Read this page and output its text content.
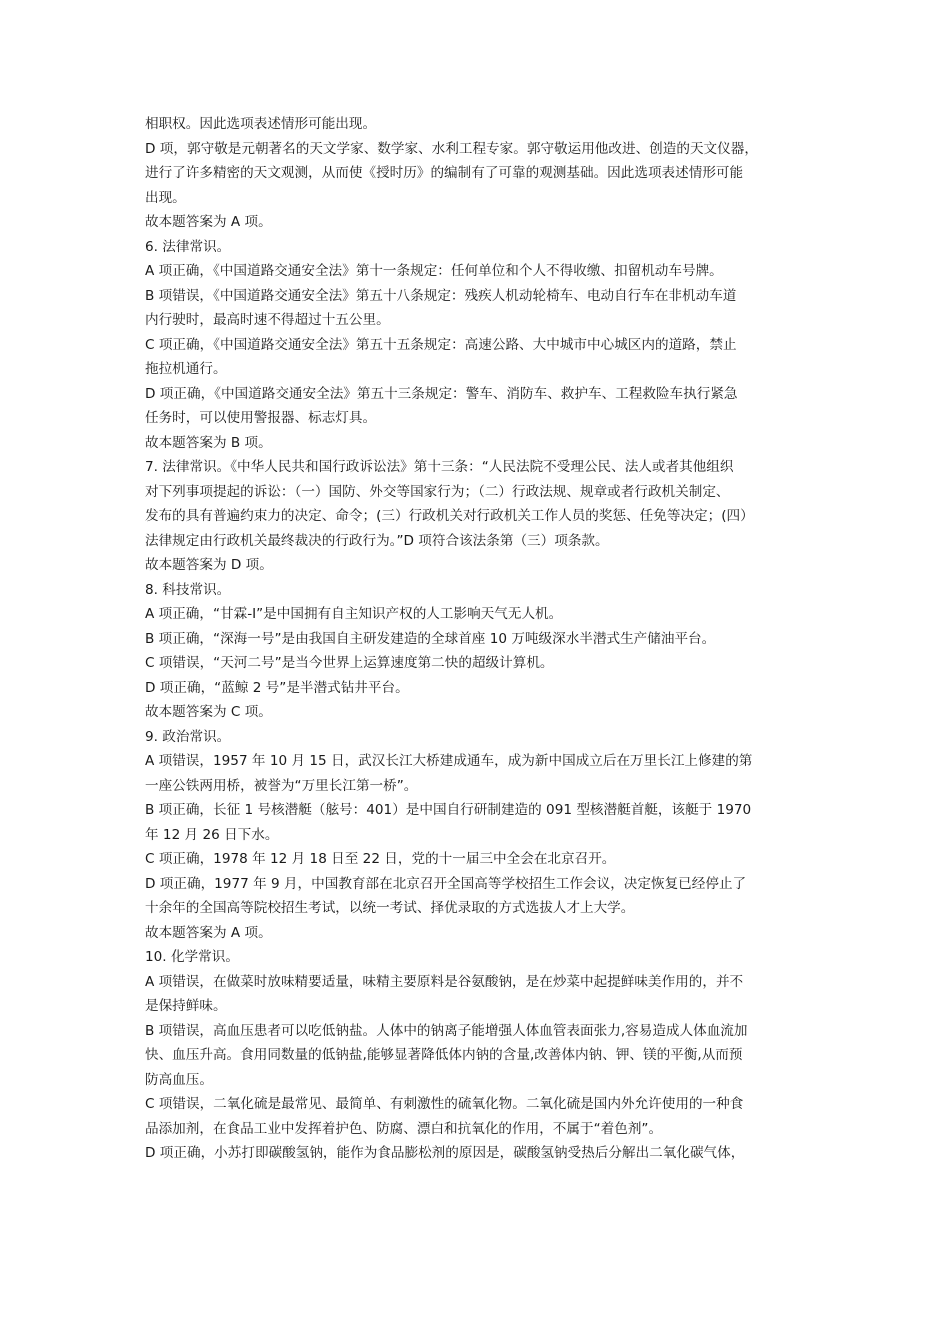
相职权。因此选项表述情形可能出现。
D 项，郭守敬是元朝著名的天文学家、数学家、水利工程专家。郭守敬运用他改进、创造的天文仪器，
进行了许多精密的天文观测，从而使《授时历》的编制有了可靠的观测基础。因此选项表述情形可能
出现。
故本题答案为 A 项。
6. 法律常识。
A 项正确，《中国道路交通安全法》第十一条规定：任何单位和个人不得收缴、扣留机动车号牌。
B 项错误，《中国道路交通安全法》第五十八条规定：残疾人机动轮椅车、电动自行车在非机动车道
内行驶时，最高时速不得超过十五公里。
C 项正确，《中国道路交通安全法》第五十五条规定：高速公路、大中城市中心城区内的道路，禁止
拖拉机通行。
D 项正确，《中国道路交通安全法》第五十三条规定：警车、消防车、救护车、工程救险车执行紧急
任务时，可以使用警报器、标志灯具。
故本题答案为 B 项。
7. 法律常识。《中华人民共和国行政诉讼法》第十三条：“人民法院不受理公民、法人或者其他组织
对下列事项提起的诉讼：（一）国防、外交等国家行为；（二）行政法规、规章或者行政机关制定、
发布的具有普遍约束力的决定、命令；(三）行政机关对行政机关工作人员的奖惩、任免等决定；(四）
法律规定由行政机关最终裁决的行政行为。”D 项符合该法条第（三）项条款。
故本题答案为 D 项。
8. 科技常识。
A 项正确，“甘霖-I”是中国拥有自主知识产权的人工影响天气无人机。
B 项正确，“深海一号”是由我国自主研发建造的全球首座 10 万吨级深水半潜式生产储油平台。
C 项错误，“天河二号”是当今世界上运算速度第二快的超级计算机。
D 项正确，“蓝鲸 2 号”是半潜式钻井平台。
故本题答案为 C 项。
9. 政治常识。
A 项错误，1957 年 10 月 15 日，武汉长江大桥建成通车，成为新中国成立后在万里长江上修建的第
一座公铁两用桥，被誉为“万里长江第一桥”。
B 项正确，长征 1 号核潜艇（舷号：401）是中国自行研制建造的 091 型核潜艇首艇，该艇于 1970
年 12 月 26 日下水。
C 项正确，1978 年 12 月 18 日至 22 日，党的十一届三中全会在北京召开。
D 项正确，1977 年 9 月，中国教育部在北京召开全国高等学校招生工作会议，决定恢复已经停止了
十余年的全国高等院校招生考试，以统一考试、择优录取的方式选拔人才上大学。
故本题答案为 A 项。
10. 化学常识。
A 项错误，在做菜时放味精要适量，味精主要原料是谷氨酸钠，是在炒菜中起提鲜味美作用的，并不
是保持鲜味。
B 项错误，高血压患者可以吃低钠盐。人体中的钠离子能增强人体血管表面张力,容易造成人体血流加
快、血压升高。食用同数量的低钠盐,能够显著降低体内钠的含量,改善体内钠、钾、镁的平衡,从而预
防高血压。
C 项错误，二氧化硫是最常见、最简单、有刺激性的硫氧化物。二氧化硫是国内外允许使用的一种食
品添加剂，在食品工业中发挥着护色、防腐、漂白和抗氧化的作用，不属于“着色剂”。
D 项正确，小苏打即碳酸氢钠，能作为食品膨松剂的原因是，碳酸氢钠受热后分解出二氧化碳气体，
